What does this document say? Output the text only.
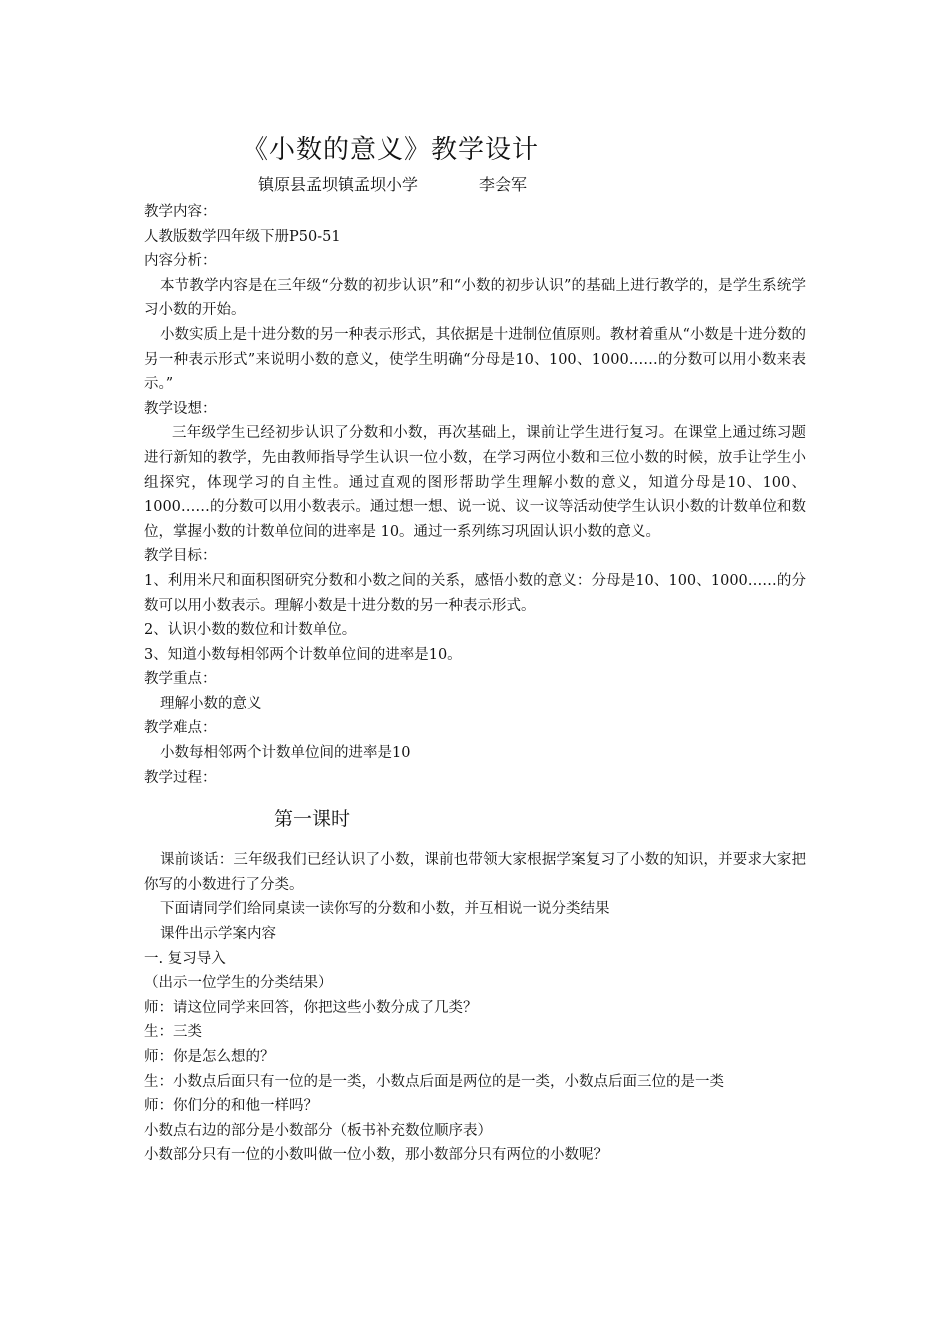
《小数的意义》教学设计
镇原县孟坝镇孟坝小学            李会军

教学内容：

人教版数学四年级下册P50-51

内容分析：

本节教学内容是在三年级“分数的初步认识”和“小数的初步认识”的基础上进行教学的，是学生系统学习小数的开始。

小数实质上是十进分数的另一种表示形式，其依据是十进制位值原则。教材着重从“小数是十进分数的另一种表示形式”来说明小数的意义，使学生明确“分母是10、100、1000……的分数可以用小数来表示。”

教学设想：

三年级学生已经初步认识了分数和小数，再次基础上，课前让学生进行复习。在课堂上通过练习题进行新知的教学，先由教师指导学生认识一位小数，在学习两位小数和三位小数的时候，放手让学生小组探究，体现学习的自主性。通过直观的图形帮助学生理解小数的意义，知道分母是10、100、1000……的分数可以用小数表示。通过想一想、说一说、议一议等活动使学生认识小数的计数单位和数位，掌握小数的计数单位间的进率是 10。通过一系列练习巩固认识小数的意义。

教学目标：

1、利用米尺和面积图研究分数和小数之间的关系，感悟小数的意义：分母是10、100、1000……的分数可以用小数表示。理解小数是十进分数的另一种表示形式。

2、认识小数的数位和计数单位。

3、知道小数每相邻两个计数单位间的进率是10。

教学重点：

理解小数的意义

教学难点：

小数每相邻两个计数单位间的进率是10

教学过程：

第一课时

课前谈话：三年级我们已经认识了小数，课前也带领大家根据学案复习了小数的知识，并要求大家把你写的小数进行了分类。

下面请同学们给同桌读一读你写的分数和小数，并互相说一说分类结果

课件出示学案内容

一. 复习导入

（出示一位学生的分类结果）

师：请这位同学来回答，你把这些小数分成了几类？

生：三类

师：你是怎么想的？

生：小数点后面只有一位的是一类，小数点后面是两位的是一类，小数点后面三位的是一类

师：你们分的和他一样吗？

小数点右边的部分是小数部分（板书补充数位顺序表）

小数部分只有一位的小数叫做一位小数，那小数部分只有两位的小数呢？
